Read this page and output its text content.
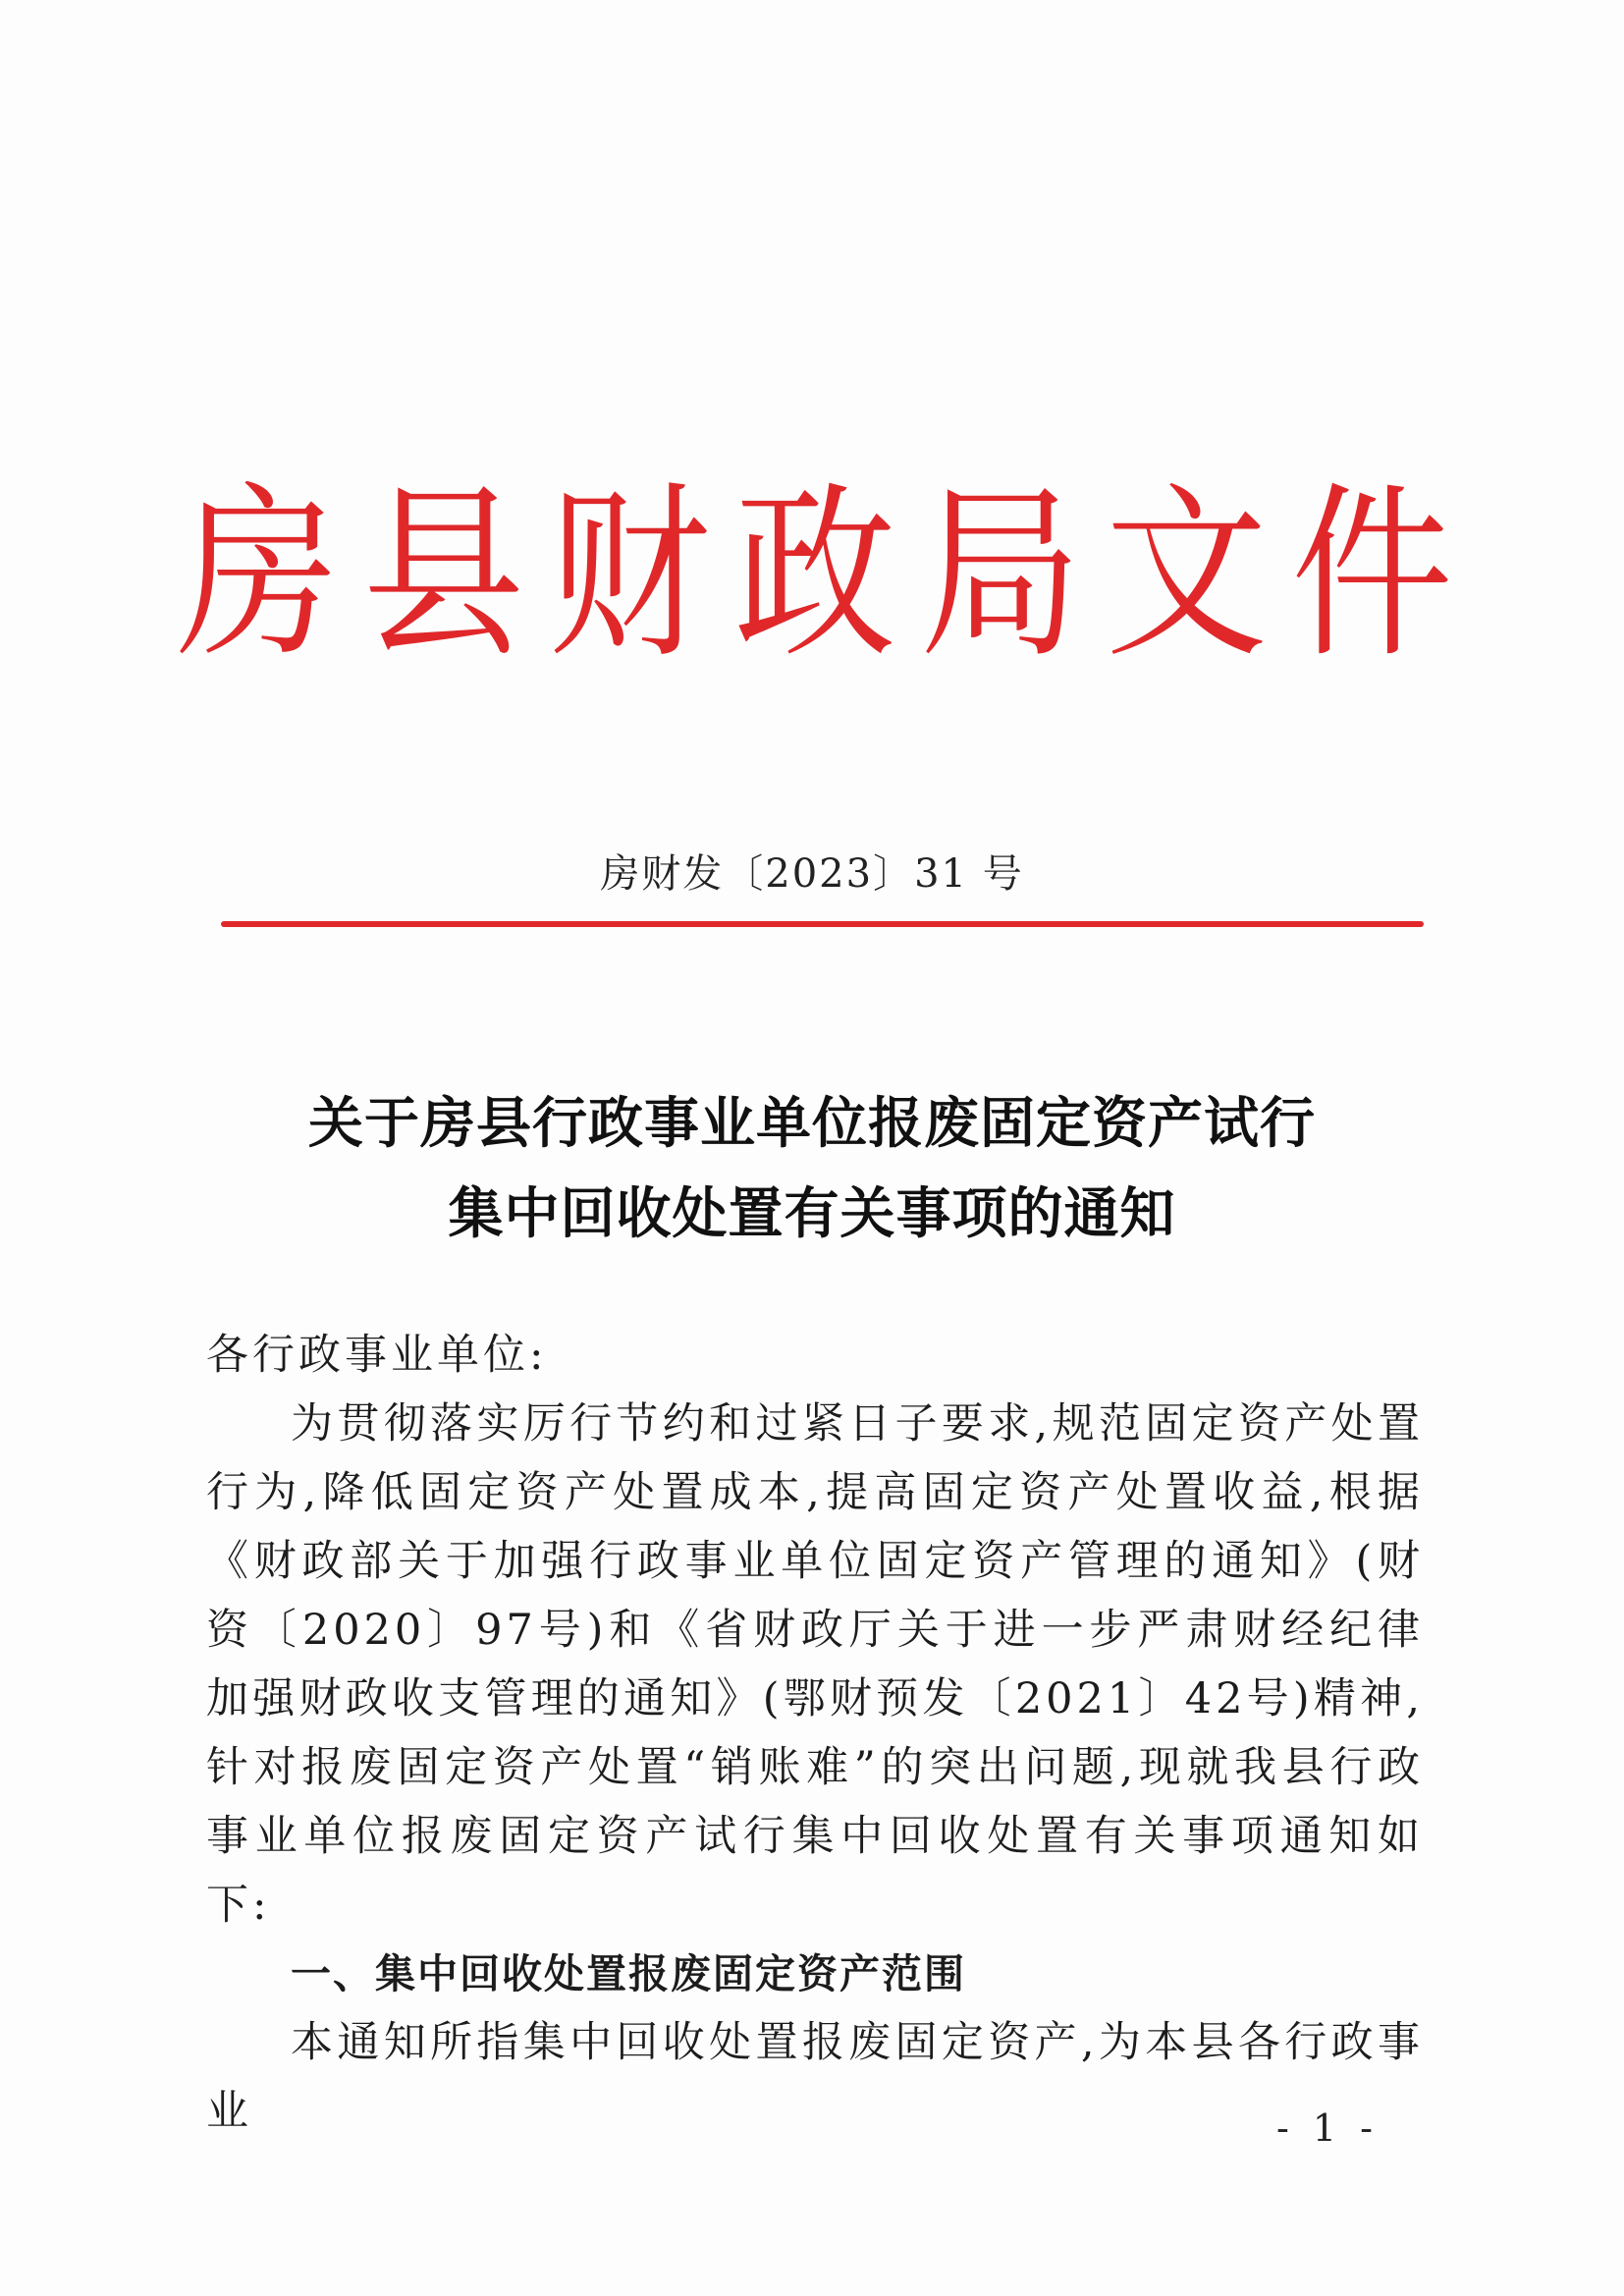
房 县 财 政 局 文 件
房财发〔2023〕31 号
关于房县行政事业单位报废固定资产试行
集中回收处置有关事项的通知

各行政事业单位:

为贯彻落实厉行节约和过紧日子要求,规范固定资产处置行为,降低固定资产处置成本,提高固定资产处置收益,根据《财政部关于加强行政事业单位固定资产管理的通知》(财资〔2020〕97号)和《省财政厅关于进一步严肃财经纪律加强财政收支管理的通知》(鄂财预发〔2021〕42号)精神,针对报废固定资产处置“销账难”的突出问题,现就我县行政事业单位报废固定资产试行集中回收处置有关事项通知如下:

一、集中回收处置报废固定资产范围

本通知所指集中回收处置报废固定资产,为本县各行政事业	- 1 -
